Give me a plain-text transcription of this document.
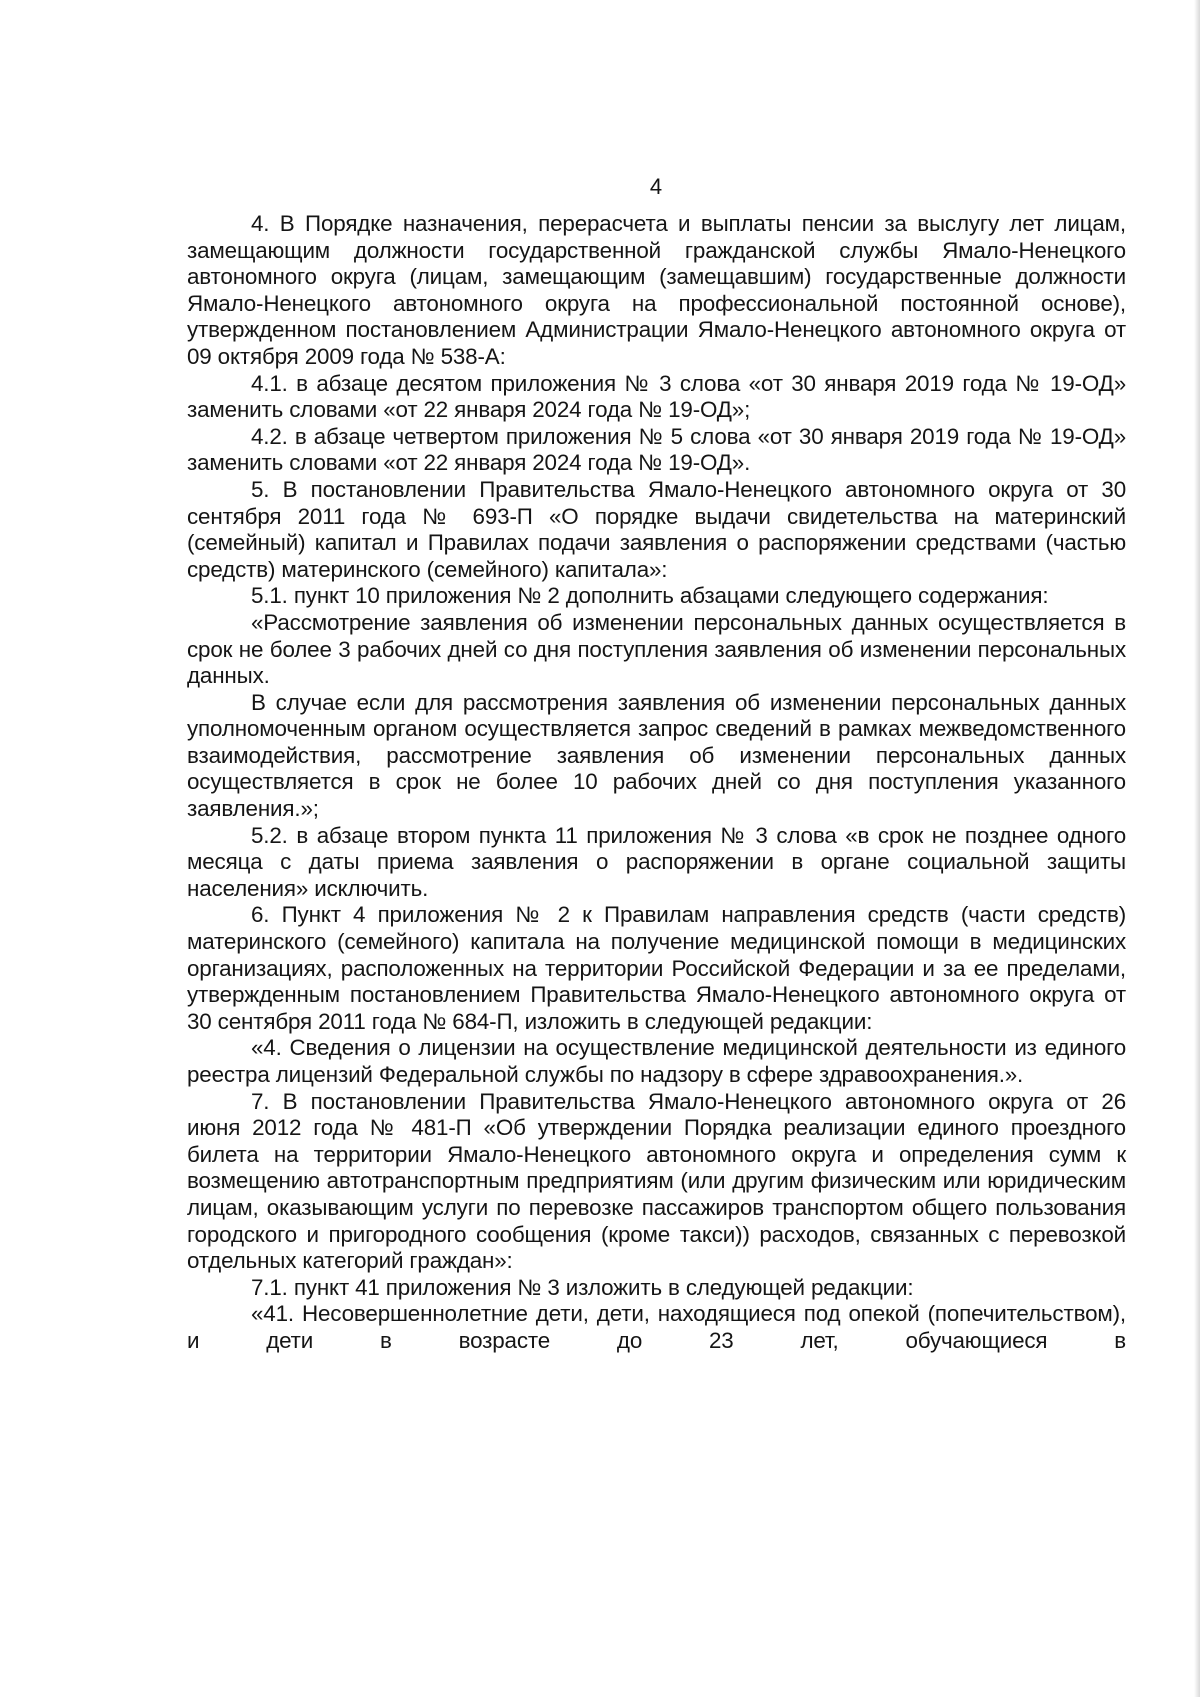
4

4. В Порядке назначения, перерасчета и выплаты пенсии за выслугу лет лицам, замещающим должности государственной гражданской службы Ямало-Ненецкого автономного округа (лицам, замещающим (замещавшим) государственные должности Ямало-Ненецкого автономного округа на профессиональной постоянной основе), утвержденном постановлением Администрации Ямало-Ненецкого автономного округа от 09 октября 2009 года № 538-А:

4.1. в абзаце десятом приложения № 3 слова «от 30 января 2019 года № 19-ОД» заменить словами «от 22 января 2024 года № 19-ОД»;

4.2. в абзаце четвертом приложения № 5 слова «от 30 января 2019 года № 19-ОД» заменить словами «от 22 января 2024 года № 19-ОД».

5. В постановлении Правительства Ямало-Ненецкого автономного округа от 30 сентября 2011 года № 693-П «О порядке выдачи свидетельства на материнский (семейный) капитал и Правилах подачи заявления о распоряжении средствами (частью средств) материнского (семейного) капитала»:

5.1. пункт 10 приложения № 2 дополнить абзацами следующего содержания:

«Рассмотрение заявления об изменении персональных данных осуществляется в срок не более 3 рабочих дней со дня поступления заявления об изменении персональных данных.

В случае если для рассмотрения заявления об изменении персональных данных уполномоченным органом осуществляется запрос сведений в рамках межведомственного взаимодействия, рассмотрение заявления об изменении персональных данных осуществляется в срок не более 10 рабочих дней со дня поступления указанного заявления.»;

5.2. в абзаце втором пункта 11 приложения № 3 слова «в срок не позднее одного месяца с даты приема заявления о распоряжении в органе социальной защиты населения» исключить.

6. Пункт 4 приложения № 2 к Правилам направления средств (части средств) материнского (семейного) капитала на получение медицинской помощи в медицинских организациях, расположенных на территории Российской Федерации и за ее пределами, утвержденным постановлением Правительства Ямало-Ненецкого автономного округа от 30 сентября 2011 года № 684-П, изложить в следующей редакции:

«4. Сведения о лицензии на осуществление медицинской деятельности из единого реестра лицензий Федеральной службы по надзору в сфере здравоохранения.».

7. В постановлении Правительства Ямало-Ненецкого автономного округа от 26 июня 2012 года № 481-П «Об утверждении Порядка реализации единого проездного билета на территории Ямало-Ненецкого автономного округа и определения сумм к возмещению автотранспортным предприятиям (или другим физическим или юридическим лицам, оказывающим услуги по перевозке пассажиров транспортом общего пользования городского и пригородного сообщения (кроме такси)) расходов, связанных с перевозкой отдельных категорий граждан»:

7.1. пункт 41 приложения № 3 изложить в следующей редакции:

«41. Несовершеннолетние дети, дети, находящиеся под опекой (попечительством), и дети в возрасте до 23 лет, обучающиеся в
